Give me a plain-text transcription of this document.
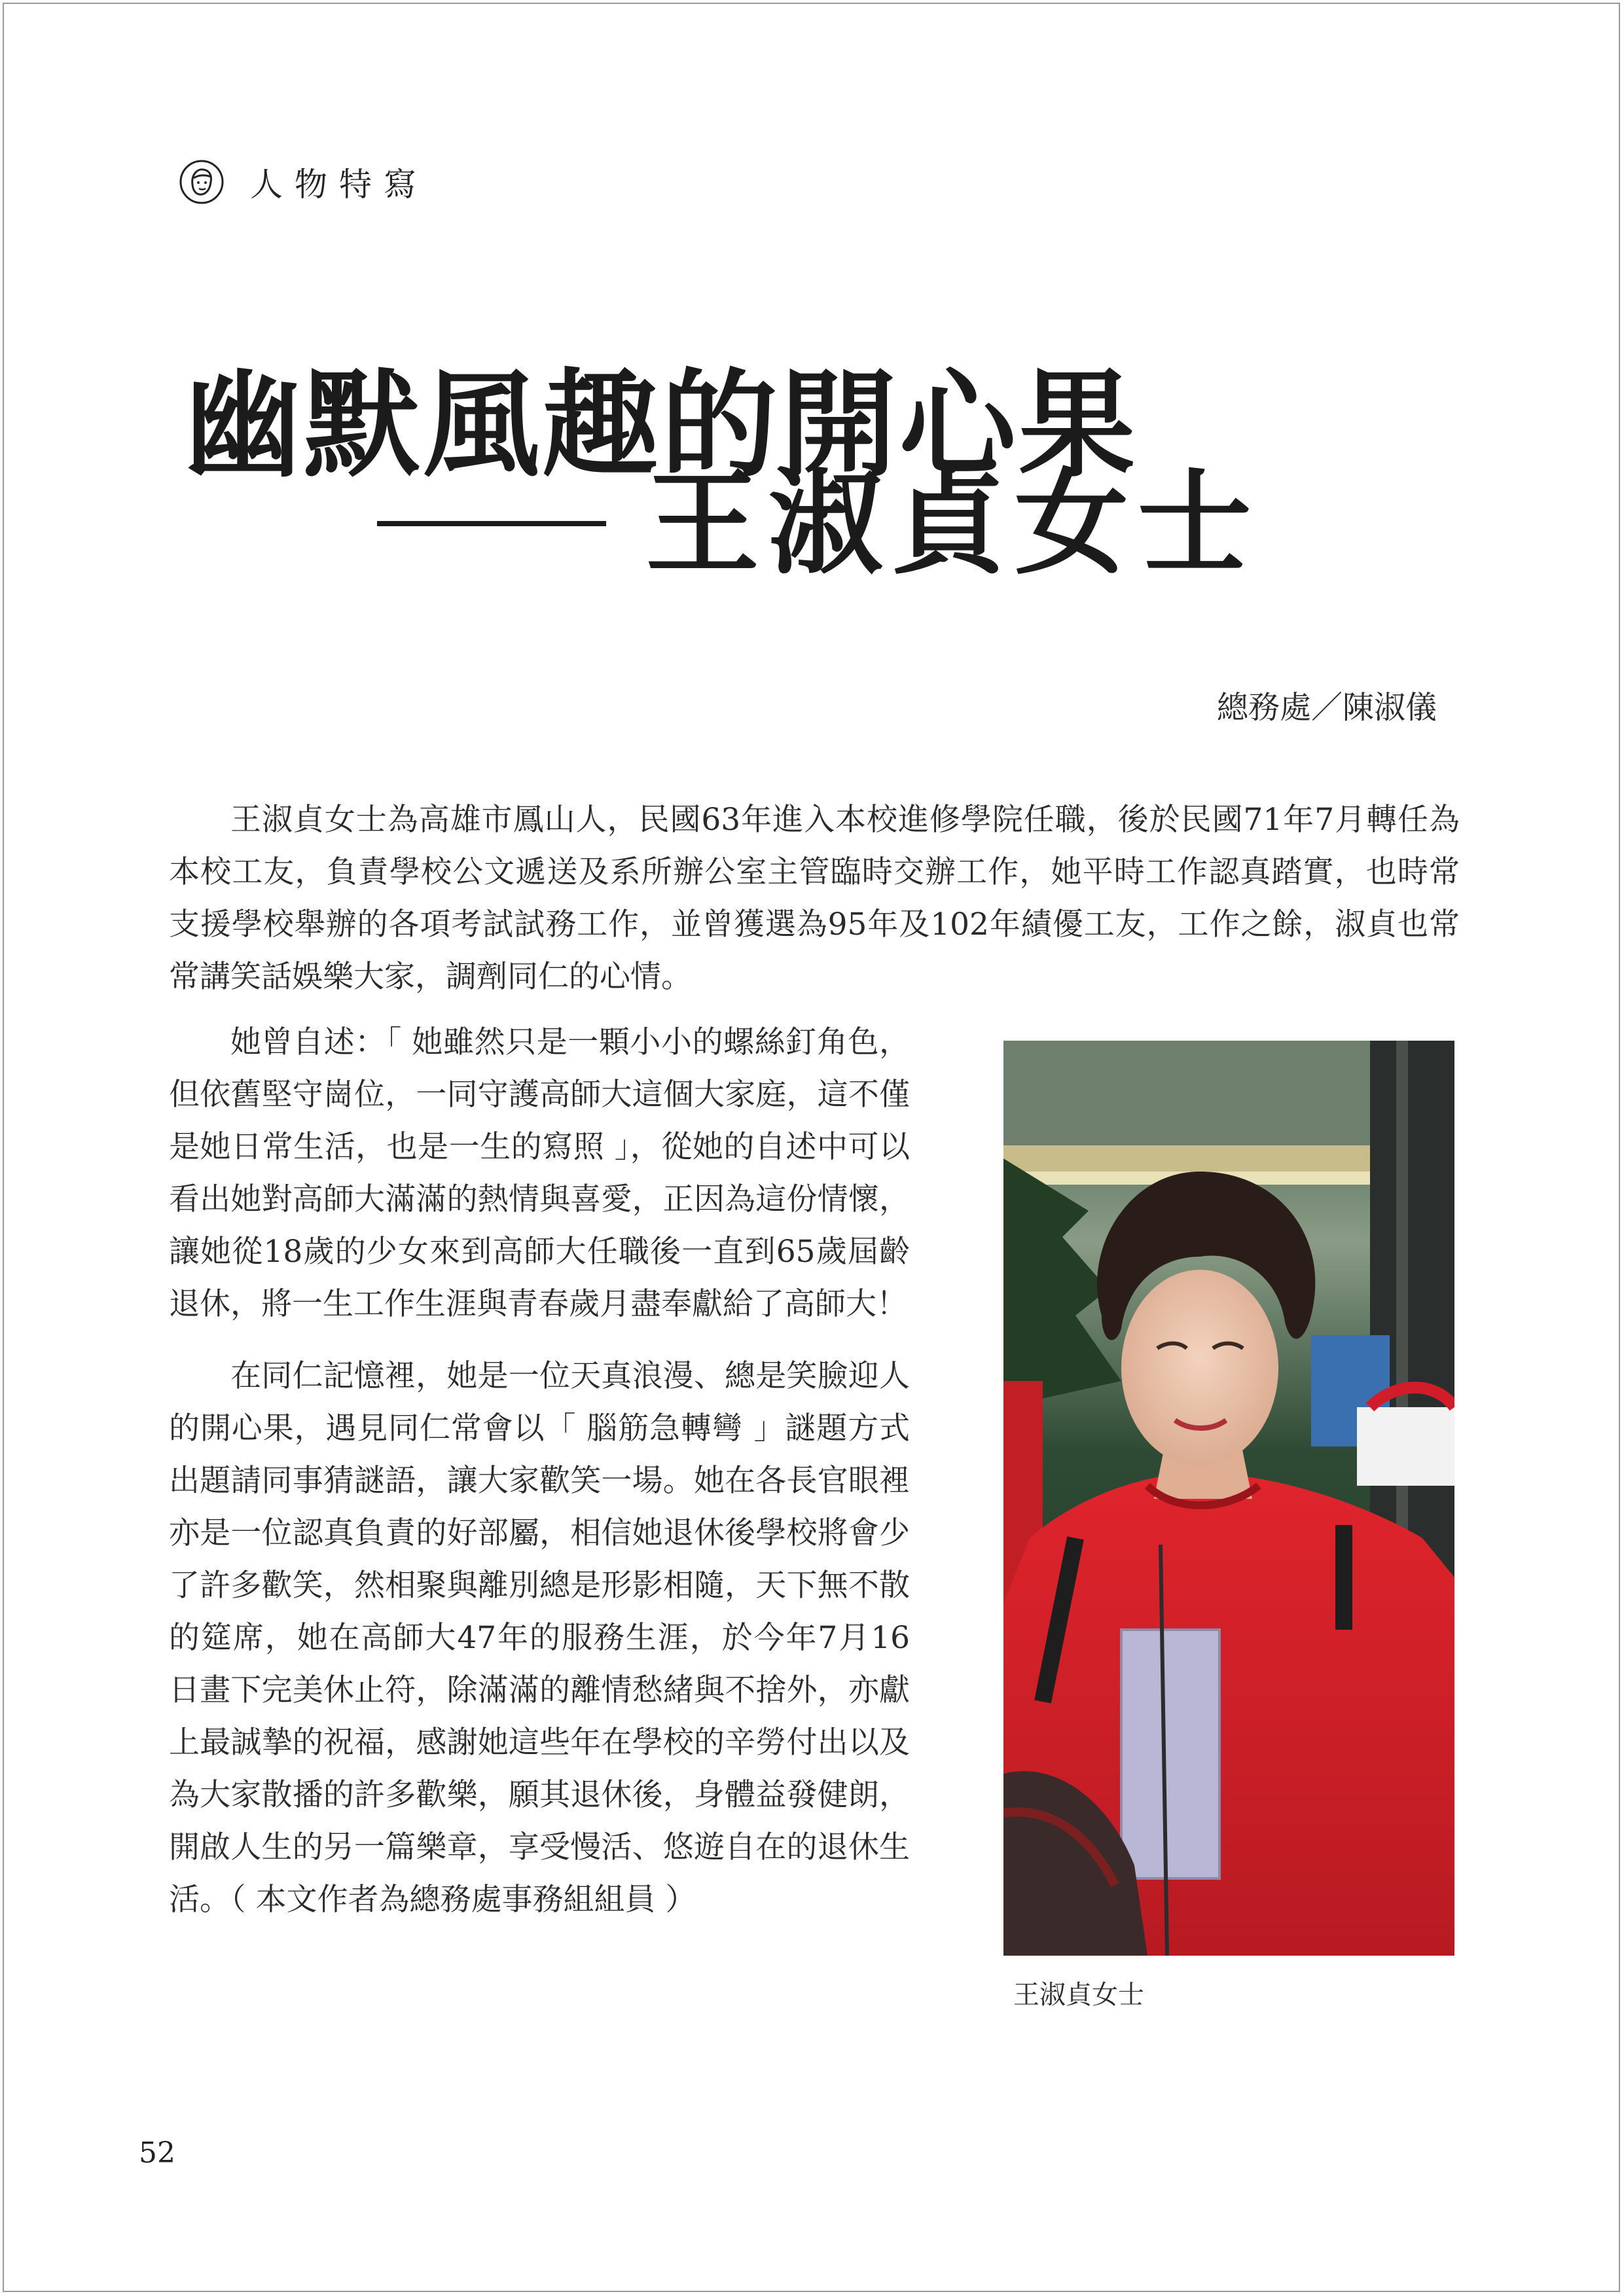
人物特寫
幽默風趣的開心果
王淑貞女士
總務處／陳淑儀

王淑貞女士為高雄市鳳山人，民國63年進入本校進修學院任職，後於民國71年7月轉任為本校工友，負責學校公文遞送及系所辦公室主管臨時交辦工作，她平時工作認真踏實，也時常支援學校舉辦的各項考試試務工作，並曾獲選為95年及102年績優工友，工作之餘，淑貞也常常講笑話娛樂大家，調劑同仁的心情。

她曾自述：「 她雖然只是一顆小小的螺絲釘角色，但依舊堅守崗位，一同守護高師大這個大家庭，這不僅是她日常生活，也是一生的寫照 」，從她的自述中可以看出她對高師大滿滿的熱情與喜愛，正因為這份情懷，讓她從18歲的少女來到高師大任職後一直到65歲屆齡退休，將一生工作生涯與青春歲月盡奉獻給了高師大！

在同仁記憶裡，她是一位天真浪漫、總是笑臉迎人的開心果，遇見同仁常會以「 腦筋急轉彎 」謎題方式出題請同事猜謎語，讓大家歡笑一場。她在各長官眼裡亦是一位認真負責的好部屬，相信她退休後學校將會少了許多歡笑，然相聚與離別總是形影相隨，天下無不散的筵席，她在高師大47年的服務生涯，於今年7月16日畫下完美休止符，除滿滿的離情愁緒與不捨外，亦獻上最誠摯的祝福，感謝她這些年在學校的辛勞付出以及為大家散播的許多歡樂，願其退休後，身體益發健朗，開啟人生的另一篇樂章，享受慢活、悠遊自在的退休生活。（ 本文作者為總務處事務組組員 ）

王淑貞女士
52
